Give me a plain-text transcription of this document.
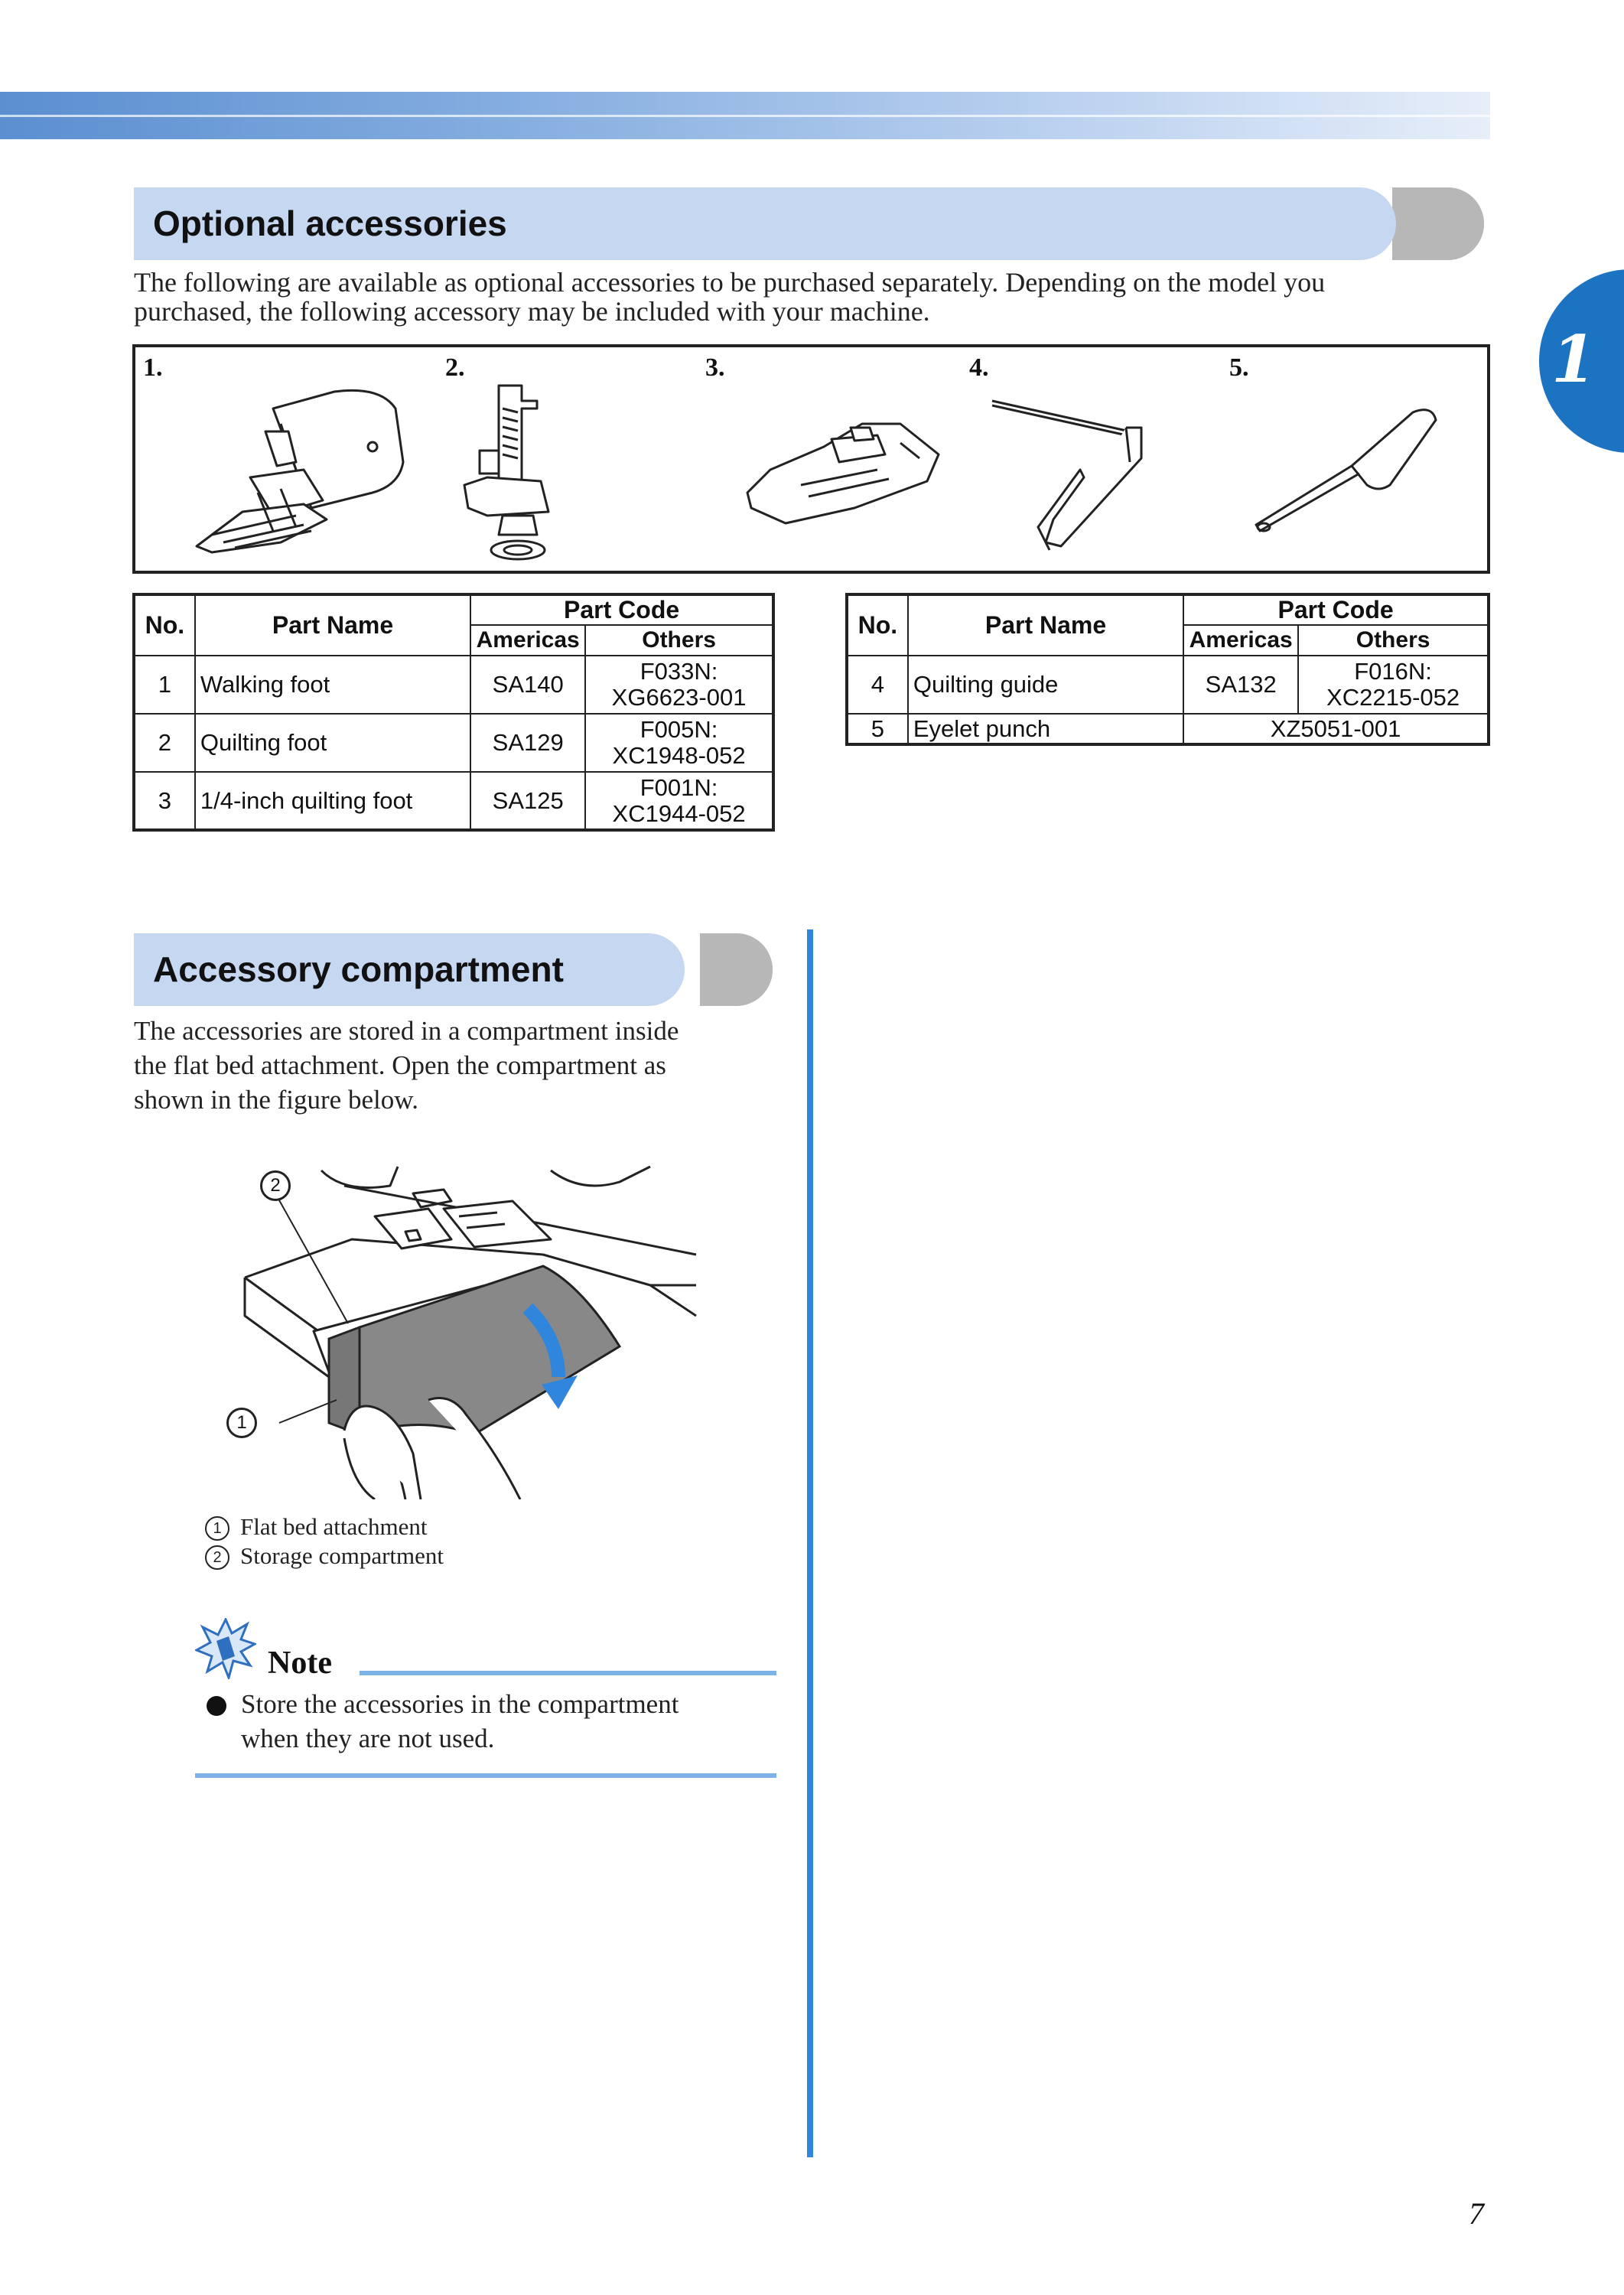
1
Optional accessories
The following are available as optional accessories to be purchased separately. Depending on the model you
purchased, the following accessory may be included with your machine.
1.	2.	3.	4.	5.
No.	Part Name	Part Code	
		Americas	Others
1	Walking foot	SA140	F033N:
XG6623-001

2	Quilting foot	SA129	F005N:
XC1948-052

3	1/4-inch quilting foot	SA125	F001N:
XC1944-052
No.	Part Name	Part Code	
		Americas	Others
4	Quilting guide	SA132	F016N:
XC2215-052

5	Eyelet punch	XZ5051-001	
Accessory compartment
The accessories are stored in a compartment inside
the flat bed attachment. Open the compartment as
shown in the figure below.
2
1
1 Flat bed attachment
2 Storage compartment
Note
Store the accessories in the compartment
when they are not used.
7
